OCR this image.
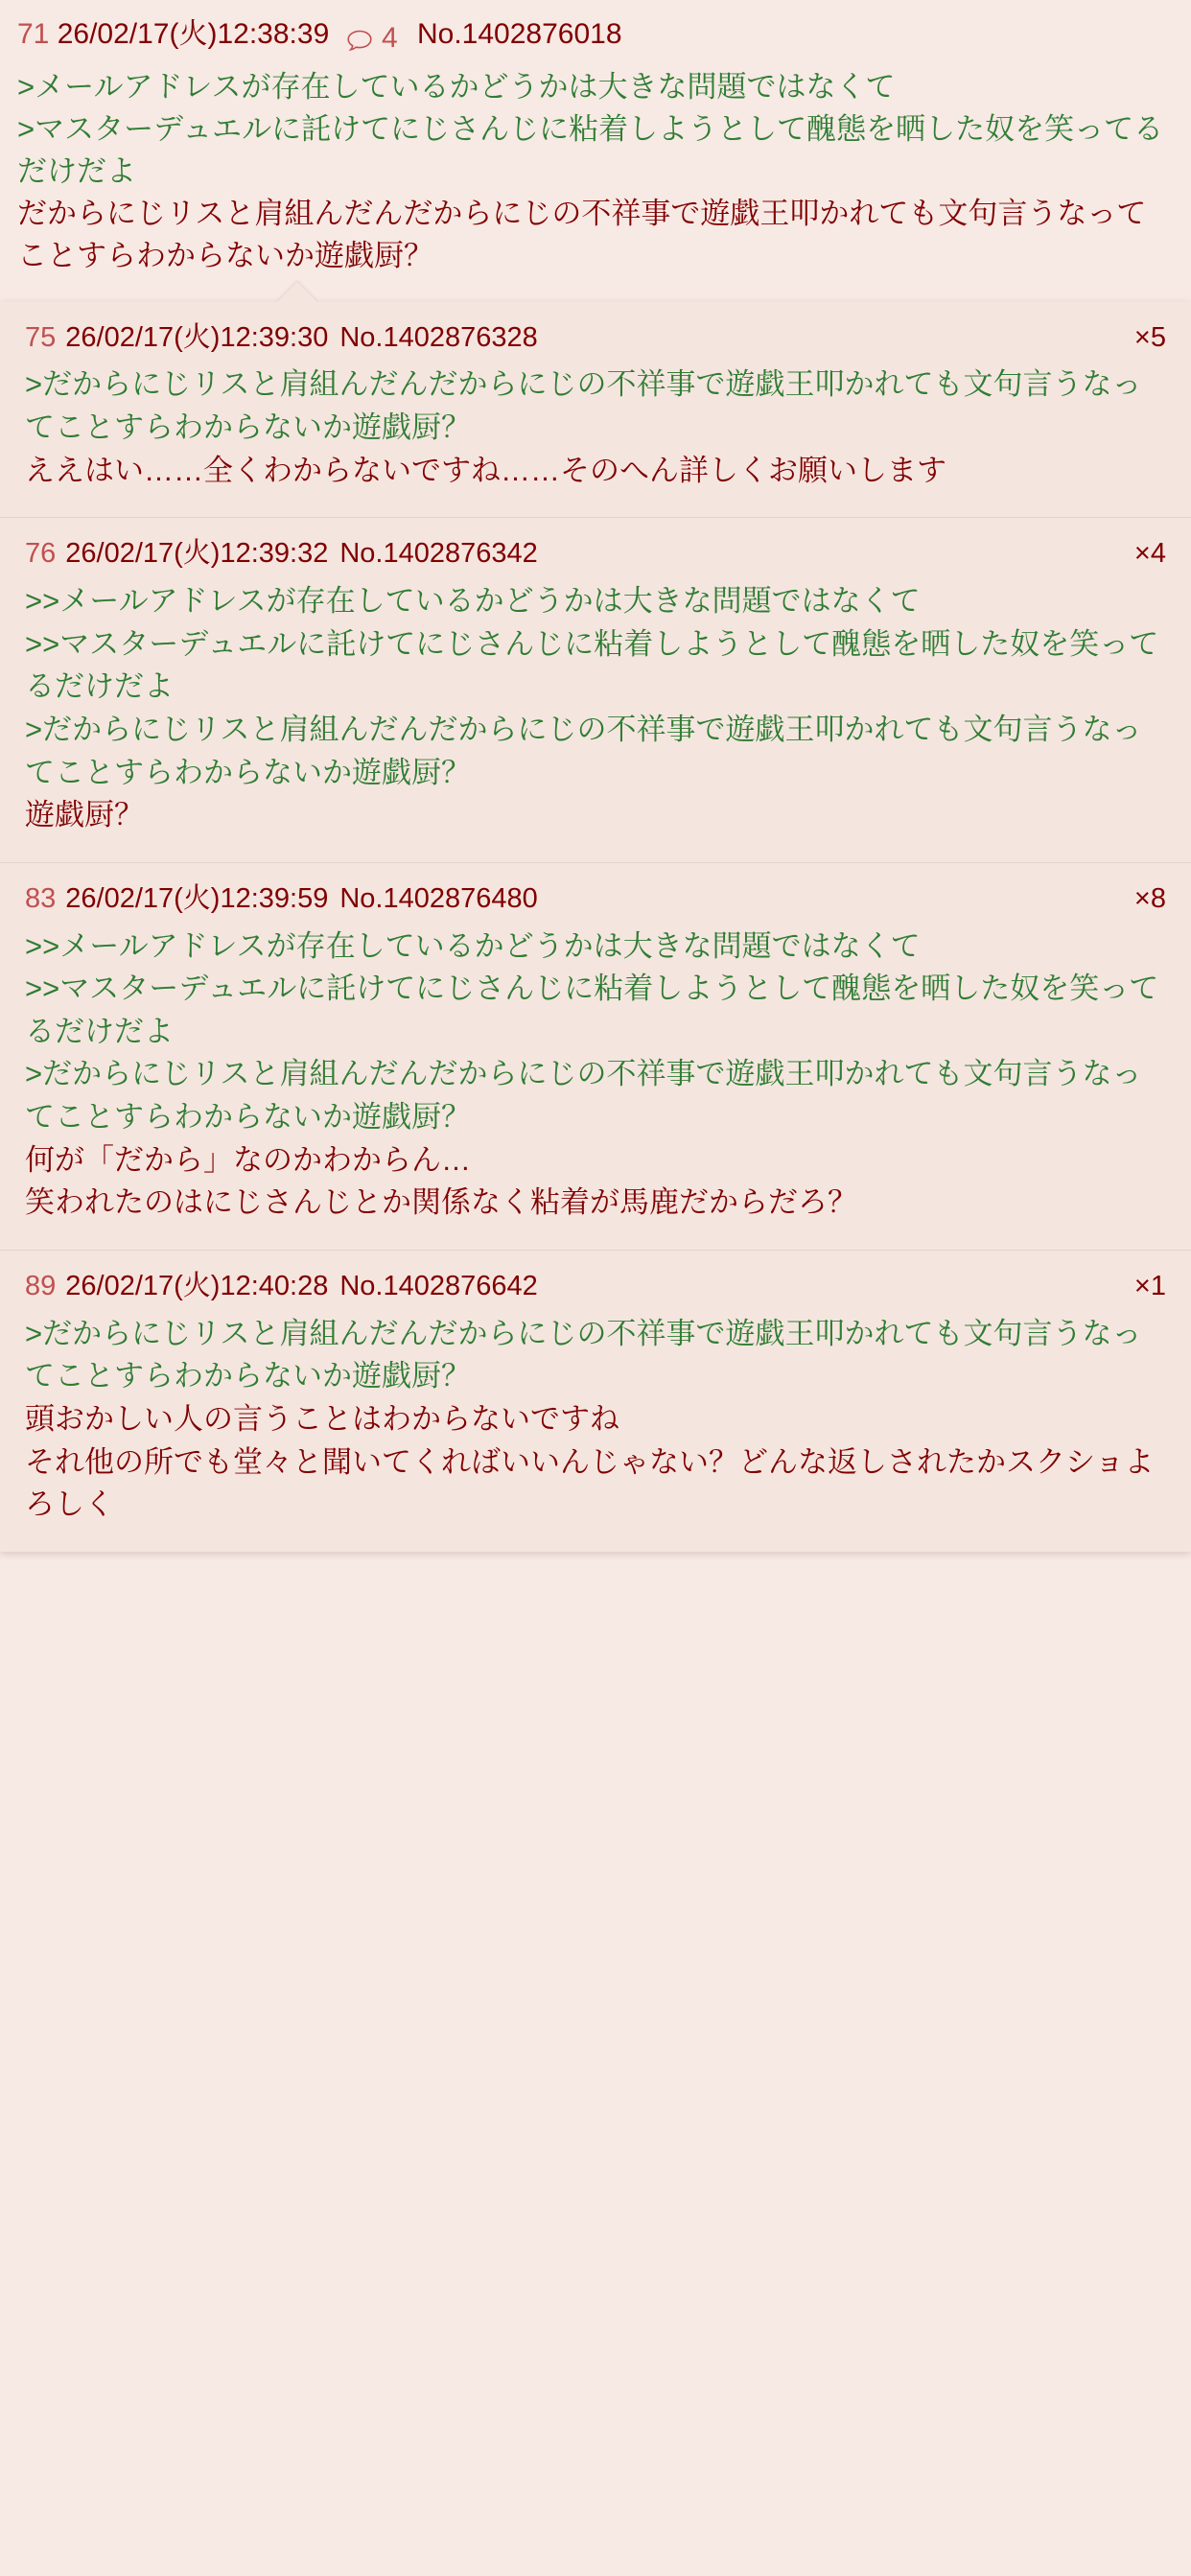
71 26/02/17(火)12:38:39 4 No.1402876018
>メールアドレスが存在しているかどうかは大きな問題ではなくて
>マスターデュエルに託けてにじさんじに粘着しようとして醜態を晒した奴を笑ってるだけだよ
だからにじリスと肩組んだんだからにじの不祥事で遊戯王叩かれても文句言うなってことすらわからないか遊戯厨？
75 26/02/17(火)12:39:30 No.1402876328	×5
>だからにじリスと肩組んだんだからにじの不祥事で遊戯王叩かれても文句言うなってことすらわからないか遊戯厨？
ええはい……全くわからないですね……そのへん詳しくお願いします
76 26/02/17(火)12:39:32 No.1402876342	×4
>>メールアドレスが存在しているかどうかは大きな問題ではなくて
>>マスターデュエルに託けてにじさんじに粘着しようとして醜態を晒した奴を笑ってるだけだよ
>だからにじリスと肩組んだんだからにじの不祥事で遊戯王叩かれても文句言うなってことすらわからないか遊戯厨？
遊戯厨？
83 26/02/17(火)12:39:59 No.1402876480	×8
>>メールアドレスが存在しているかどうかは大きな問題ではなくて
>>マスターデュエルに託けてにじさんじに粘着しようとして醜態を晒した奴を笑ってるだけだよ
>だからにじリスと肩組んだんだからにじの不祥事で遊戯王叩かれても文句言うなってことすらわからないか遊戯厨？
何が「だから」なのかわからん…
笑われたのはにじさんじとか関係なく粘着が馬鹿だからだろ？
89 26/02/17(火)12:40:28 No.1402876642	×1
>だからにじリスと肩組んだんだからにじの不祥事で遊戯王叩かれても文句言うなってことすらわからないか遊戯厨？
頭おかしい人の言うことはわからないですね
それ他の所でも堂々と聞いてくればいいんじゃない？どんな返しされたかスクショよろしく
